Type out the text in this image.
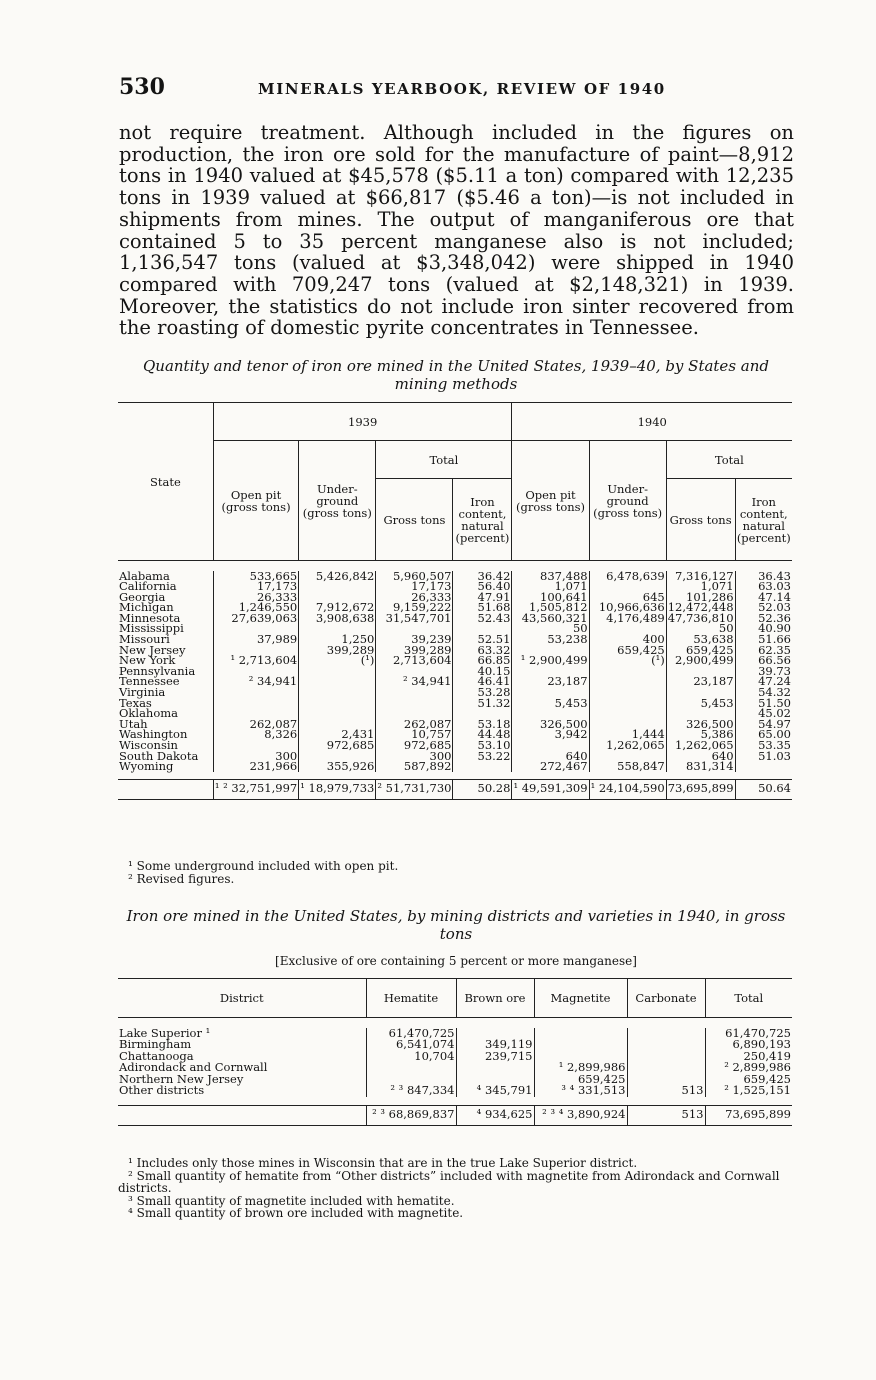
530	MINERALS YEARBOOK, REVIEW OF 1940

not require treatment. Although included in the figures on production, the iron ore sold for the manufacture of paint—8,912 tons in 1940 valued at $45,578 ($5.11 a ton) compared with 12,235 tons in 1939 valued at $66,817 ($5.46 a ton)—is not included in shipments from mines. The output of manganiferous ore that contained 5 to 35 percent manganese also is not included; 1,136,547 tons (valued at $3,348,042) were shipped in 1940 compared with 709,247 tons (valued at $2,148,321) in 1939. Moreover, the statistics do not include iron sinter recovered from the roasting of domestic pyrite concentrates in Tennessee.

Quantity and tenor of iron ore mined in the United States, 1939–40, by States and mining methods
State	1939				1940			
	Open pit (gross tons)	Under-ground (gross tons)	Total		Open pit (gross tons)	Under-ground (gross tons)	Total	
			Gross tons	Iron content, natural (percent)			Gross tons	Iron content, natural (percent)

Alabama	533,665	5,426,842	5,960,507	36.42	837,488	6,478,639	7,316,127	36.43
California	17,173		17,173	56.40	1,071		1,071	63.03
Georgia	26,333		26,333	47.91	100,641	645	101,286	47.14
Michigan	1,246,550	7,912,672	9,159,222	51.68	1,505,812	10,966,636	12,472,448	52.03
Minnesota	27,639,063	3,908,638	31,547,701	52.43	43,560,321	4,176,489	47,736,810	52.36
Mississippi					50		50	40.90
Missouri	37,989	1,250	39,239	52.51	53,238	400	53,638	51.66
New Jersey		399,289	399,289	63.32		659,425	659,425	62.35
New York	¹ 2,713,604	(¹)	2,713,604	66.85	¹ 2,900,499	(¹)	2,900,499	66.56
Pennsylvania				40.15				39.73
Tennessee	² 34,941		² 34,941	46.41	23,187		23,187	47.24
Virginia				53.28				54.32
Texas				51.32	5,453		5,453	51.50
Oklahoma								45.02
Utah	262,087		262,087	53.18	326,500		326,500	54.97
Washington	8,326	2,431	10,757	44.48	3,942	1,444	5,386	65.00
Wisconsin		972,685	972,685	53.10		1,262,065	1,262,065	53.35
South Dakota	300		300	53.22	640		640	51.03
Wyoming	231,966	355,926	587,892		272,467	558,847	831,314	

	¹ ² 32,751,997	¹ 18,979,733	² 51,731,730	50.28	¹ 49,591,309	¹ 24,104,590	73,695,899	50.64
¹ Some underground included with open pit.
² Revised figures.
Iron ore mined in the United States, by mining districts and varieties in 1940, in gross tons
[Exclusive of ore containing 5 percent or more manganese]
District	Hematite	Brown ore	Magnetite	Carbonate	Total

Lake Superior ¹	61,470,725				61,470,725
Birmingham	6,541,074	349,119			6,890,193
Chattanooga	10,704	239,715			250,419
Adirondack and Cornwall			¹ 2,899,986		² 2,899,986
Northern New Jersey			659,425		659,425
Other districts	² ³ 847,334	⁴ 345,791	³ ⁴ 331,513	513	² 1,525,151

	² ³ 68,869,837	⁴ 934,625	² ³ ⁴ 3,890,924	513	73,695,899
¹ Includes only those mines in Wisconsin that are in the true Lake Superior district.
² Small quantity of hematite from “Other districts” included with magnetite from Adirondack and Cornwall districts.
³ Small quantity of magnetite included with hematite.
⁴ Small quantity of brown ore included with magnetite.
